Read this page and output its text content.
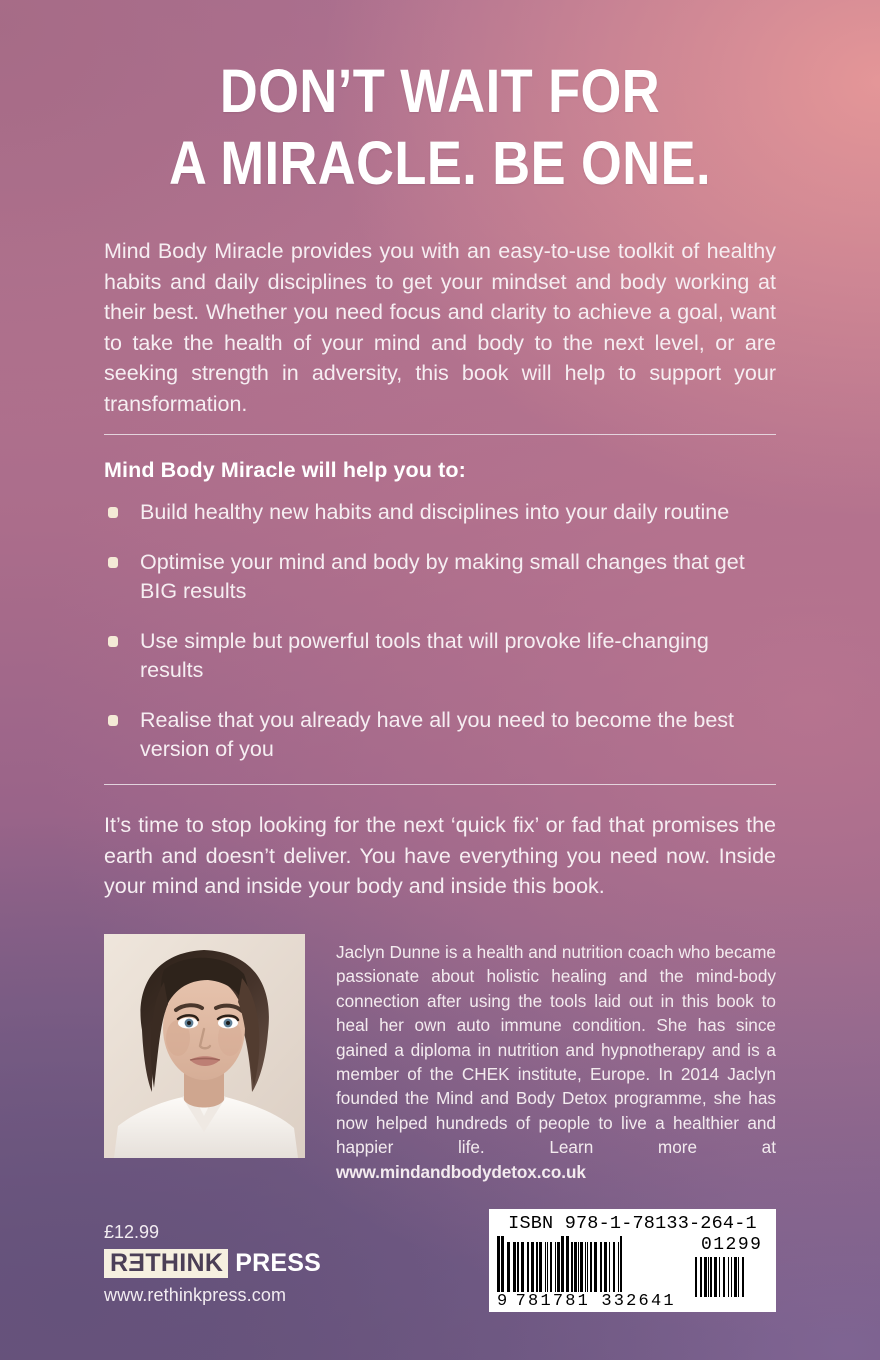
DON’T WAIT FOR
A MIRACLE. BE ONE.

Mind Body Miracle provides you with an easy-to-use toolkit of healthy habits and daily disciplines to get your mindset and body working at their best. Whether you need focus and clarity to achieve a goal, want to take the health of your mind and body to the next level, or are seeking strength in adversity, this book will help to support your transformation.

Mind Body Miracle will help you to:
Build healthy new habits and disciplines into your daily routine
Optimise your mind and body by making small changes that get BIG results
Use simple but powerful tools that will provoke life-changing results
Realise that you already have all you need to become the best version of you

It’s time to stop looking for the next ‘quick fix’ or fad that promises the earth and doesn’t deliver. You have everything you need now. Inside your mind and inside your body and inside this book.

Jaclyn Dunne is a health and nutrition coach who became passionate about holistic healing and the mind-body connection after using the tools laid out in this book to heal her own auto immune condition. She has since gained a diploma in nutrition and hypnotherapy and is a member of the CHEK institute, Europe. In 2014 Jaclyn founded the Mind and Body Detox programme, she has now helped hundreds of people to live a healthier and happier life. Learn more at www.mindandbodydetox.co.uk

£12.99
R E THINK PRESS
www.rethinkpress.com
ISBN 978-1-78133-264-1
9 781781 332641
01299
